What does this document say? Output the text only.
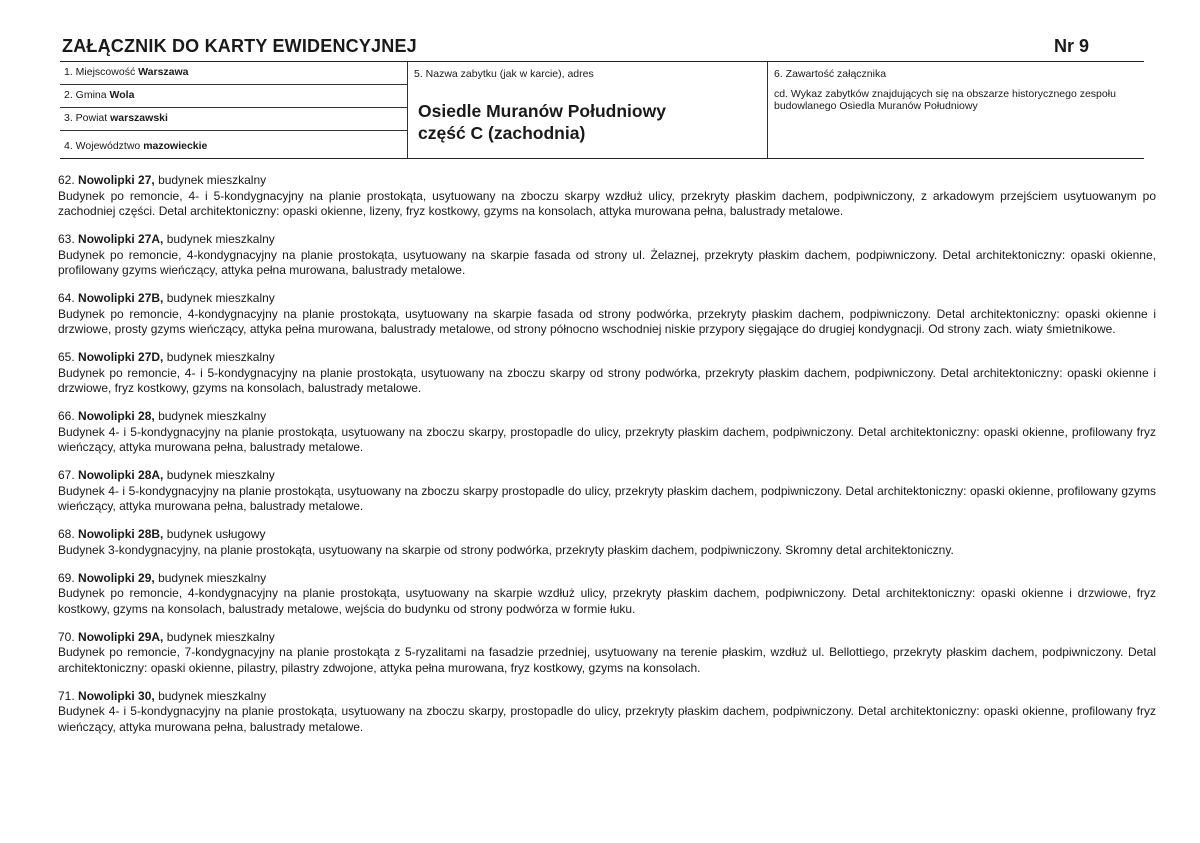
ZAŁĄCZNIK DO KARTY EWIDENCYJNEJ	Nr 9
1. Miejscowość Warszawa
2. Gmina Wola
3. Powiat warszawski
4. Województwo mazowieckie
5. Nazwa zabytku (jak w karcie), adres
Osiedle Muranów Południowy
część C (zachodnia)
6. Zawartość załącznika
cd. Wykaz zabytków znajdujących się na obszarze historycznego zespołu budowlanego Osiedla Muranów Południowy
62. Nowolipki 27, budynek mieszkalny
Budynek po remoncie, 4- i 5-kondygnacyjny na planie prostokąta, usytuowany na zboczu skarpy wzdłuż ulicy, przekryty płaskim dachem, podpiwniczony, z arkadowym przejściem usytuowanym po zachodniej części. Detal architektoniczny: opaski okienne, lizeny, fryz kostkowy, gzyms na konsolach, attyka murowana pełna, balustrady metalowe.
63. Nowolipki 27A, budynek mieszkalny
Budynek po remoncie, 4-kondygnacyjny na planie prostokąta, usytuowany na skarpie fasada od strony ul. Żelaznej, przekryty płaskim dachem, podpiwniczony. Detal architektoniczny: opaski okienne, profilowany gzyms wieńczący, attyka pełna murowana, balustrady metalowe.
64. Nowolipki 27B, budynek mieszkalny
Budynek po remoncie, 4-kondygnacyjny na planie prostokąta, usytuowany na skarpie fasada od strony podwórka, przekryty płaskim dachem, podpiwniczony. Detal architektoniczny: opaski okienne i drzwiowe, prosty gzyms wieńczący, attyka pełna murowana, balustrady metalowe, od strony północno wschodniej niskie przypory sięgające do drugiej kondygnacji. Od strony zach. wiaty śmietnikowe.
65. Nowolipki 27D, budynek mieszkalny
Budynek po remoncie, 4- i 5-kondygnacyjny na planie prostokąta, usytuowany na zboczu skarpy od strony podwórka, przekryty płaskim dachem, podpiwniczony. Detal architektoniczny: opaski okienne i drzwiowe, fryz kostkowy, gzyms na konsolach, balustrady metalowe.
66. Nowolipki 28, budynek mieszkalny
Budynek 4- i 5-kondygnacyjny na planie prostokąta, usytuowany na zboczu skarpy, prostopadle do ulicy, przekryty płaskim dachem, podpiwniczony. Detal architektoniczny: opaski okienne, profilowany fryz wieńczący, attyka murowana pełna, balustrady metalowe.
67. Nowolipki 28A, budynek mieszkalny
Budynek 4- i 5-kondygnacyjny na planie prostokąta, usytuowany na zboczu skarpy prostopadle do ulicy, przekryty płaskim dachem, podpiwniczony. Detal architektoniczny: opaski okienne, profilowany gzyms wieńczący, attyka murowana pełna, balustrady metalowe.
68. Nowolipki 28B, budynek usługowy
Budynek 3-kondygnacyjny, na planie prostokąta, usytuowany na skarpie od strony podwórka, przekryty płaskim dachem, podpiwniczony. Skromny detal architektoniczny.
69. Nowolipki 29, budynek mieszkalny
Budynek po remoncie, 4-kondygnacyjny na planie prostokąta, usytuowany na skarpie wzdłuż ulicy, przekryty płaskim dachem, podpiwniczony. Detal architektoniczny: opaski okienne i drzwiowe, fryz kostkowy, gzyms na konsolach, balustrady metalowe, wejścia do budynku od strony podwórza w formie łuku.
70. Nowolipki 29A, budynek mieszkalny
Budynek po remoncie, 7-kondygnacyjny na planie prostokąta z 5-ryzalitami na fasadzie przedniej, usytuowany na terenie płaskim, wzdłuż ul. Bellottiego, przekryty płaskim dachem, podpiwniczony. Detal architektoniczny: opaski okienne, pilastry, pilastry zdwojone, attyka pełna murowana, fryz kostkowy, gzyms na konsolach.
71. Nowolipki 30, budynek mieszkalny
Budynek 4- i 5-kondygnacyjny na planie prostokąta, usytuowany na zboczu skarpy, prostopadle do ulicy, przekryty płaskim dachem, podpiwniczony. Detal architektoniczny: opaski okienne, profilowany fryz wieńczący, attyka murowana pełna, balustrady metalowe.
